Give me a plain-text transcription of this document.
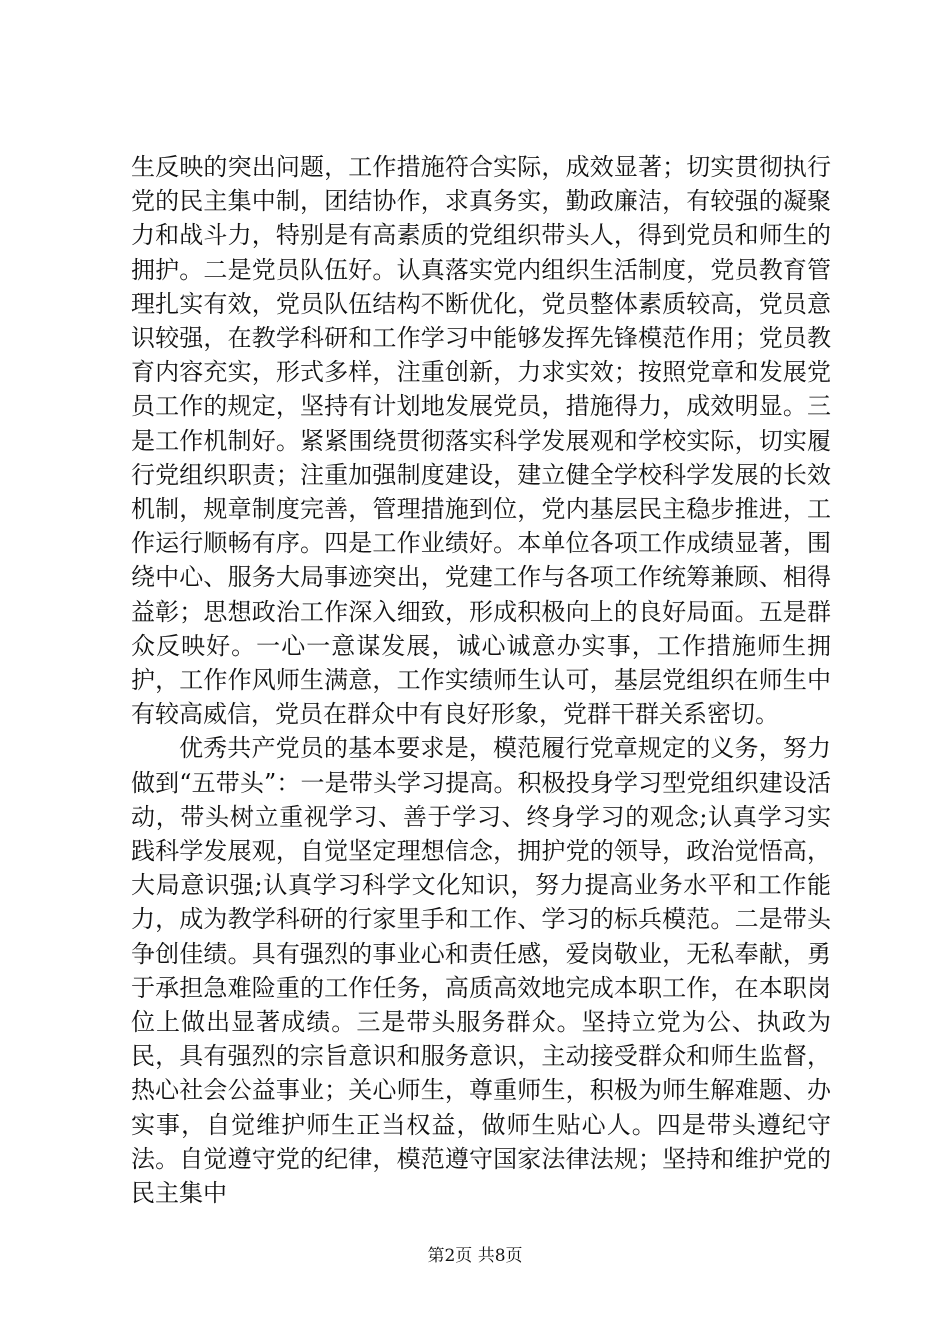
生反映的突出问题，工作措施符合实际，成效显著；切实贯彻执行党的民主集中制，团结协作，求真务实，勤政廉洁，有较强的凝聚力和战斗力，特别是有高素质的党组织带头人，得到党员和师生的拥护。二是党员队伍好。认真落实党内组织生活制度，党员教育管理扎实有效，党员队伍结构不断优化，党员整体素质较高，党员意识较强，在教学科研和工作学习中能够发挥先锋模范作用；党员教育内容充实，形式多样，注重创新，力求实效；按照党章和发展党员工作的规定，坚持有计划地发展党员，措施得力，成效明显。三是工作机制好。紧紧围绕贯彻落实科学发展观和学校实际，切实履行党组织职责；注重加强制度建设，建立健全学校科学发展的长效机制，规章制度完善，管理措施到位，党内基层民主稳步推进，工作运行顺畅有序。四是工作业绩好。本单位各项工作成绩显著，围绕中心、服务大局事迹突出，党建工作与各项工作统筹兼顾、相得益彰；思想政治工作深入细致，形成积极向上的良好局面。五是群众反映好。一心一意谋发展，诚心诚意办实事，工作措施师生拥护，工作作风师生满意，工作实绩师生认可，基层党组织在师生中有较高威信，党员在群众中有良好形象，党群干群关系密切。

优秀共产党员的基本要求是，模范履行党章规定的义务，努力做到“五带头”：一是带头学习提高。积极投身学习型党组织建设活动，带头树立重视学习、善于学习、终身学习的观念;认真学习实践科学发展观，自觉坚定理想信念，拥护党的领导，政治觉悟高，大局意识强;认真学习科学文化知识，努力提高业务水平和工作能力，成为教学科研的行家里手和工作、学习的标兵模范。二是带头争创佳绩。具有强烈的事业心和责任感，爱岗敬业，无私奉献，勇于承担急难险重的工作任务，高质高效地完成本职工作，在本职岗位上做出显著成绩。三是带头服务群众。坚持立党为公、执政为民，具有强烈的宗旨意识和服务意识，主动接受群众和师生监督，热心社会公益事业；关心师生，尊重师生，积极为师生解难题、办实事，自觉维护师生正当权益，做师生贴心人。四是带头遵纪守法。自觉遵守党的纪律，模范遵守国家法律法规；坚持和维护党的民主集中

第2页 共8页
